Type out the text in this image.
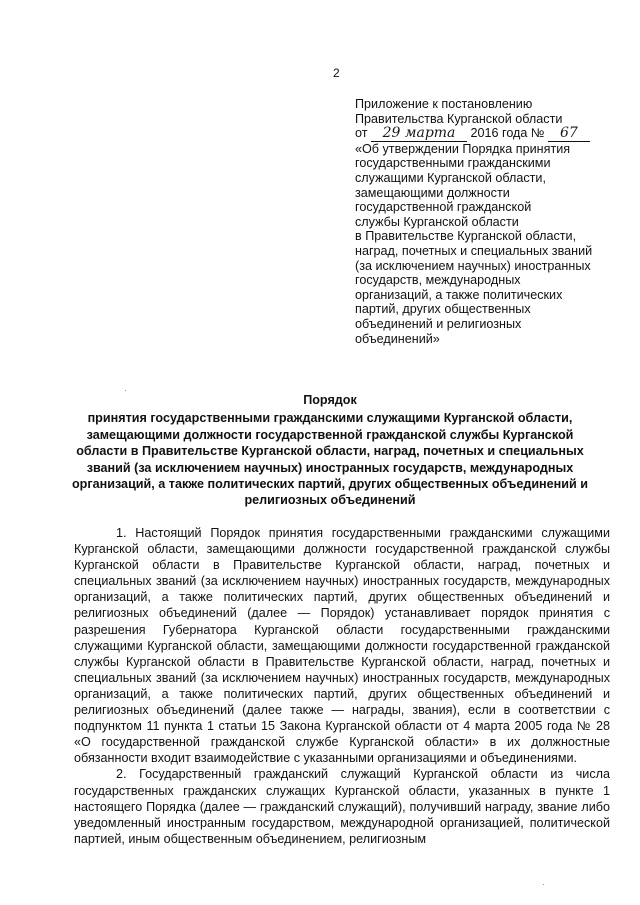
2
Приложение к постановлению
Правительства Курганской области
от 29 марта 2016 года № 67
«Об утверждении Порядка принятия
государственными гражданскими
служащими Курганской области,
замещающими должности
государственной гражданской
службы Курганской области
в Правительстве Курганской области,
наград, почетных и специальных званий
(за исключением научных) иностранных
государств, международных
организаций, а также политических
партий, других общественных
объединений и религиозных
объединений»
·
Порядок
принятия государственными гражданскими служащими Курганской области, замещающими должности государственной гражданской службы Курганской области в Правительстве Курганской области, наград, почетных и специальных званий (за исключением научных) иностранных государств, международных организаций, а также политических партий, других общественных объединений и религиозных объединений

1. Настоящий Порядок принятия государственными гражданскими служащими Курганской области, замещающими должности государственной гражданской службы Курганской области в Правительстве Курганской области, наград, почетных и специальных званий (за исключением научных) иностранных государств, международных организаций, а также политических партий, других общественных объединений и религиозных объединений (далее — Порядок) устанавливает порядок принятия с разрешения Губернатора Курганской области государственными гражданскими служащими Курганской области, замещающими должности государственной гражданской службы Курганской области в Правительстве Курганской области, наград, почетных и специальных званий (за исключением научных) иностранных государств, международных организаций, а также политических партий, других общественных объединений и религиозных объединений (далее также — награды, звания), если в соответствии с подпунктом 11 пункта 1 статьи 15 Закона Курганской области от 4 марта 2005 года № 28 «О государственной гражданской службе Курганской области» в их должностные обязанности входит взаимодействие с указанными организациями и объединениями.

2. Государственный гражданский служащий Курганской области из числа государственных гражданских служащих Курганской области, указанных в пункте 1 настоящего Порядка (далее — гражданский служащий), получивший награду, звание либо уведомленный иностранным государством, международной организацией, политической партией, иным общественным объединением, религиозным

·
